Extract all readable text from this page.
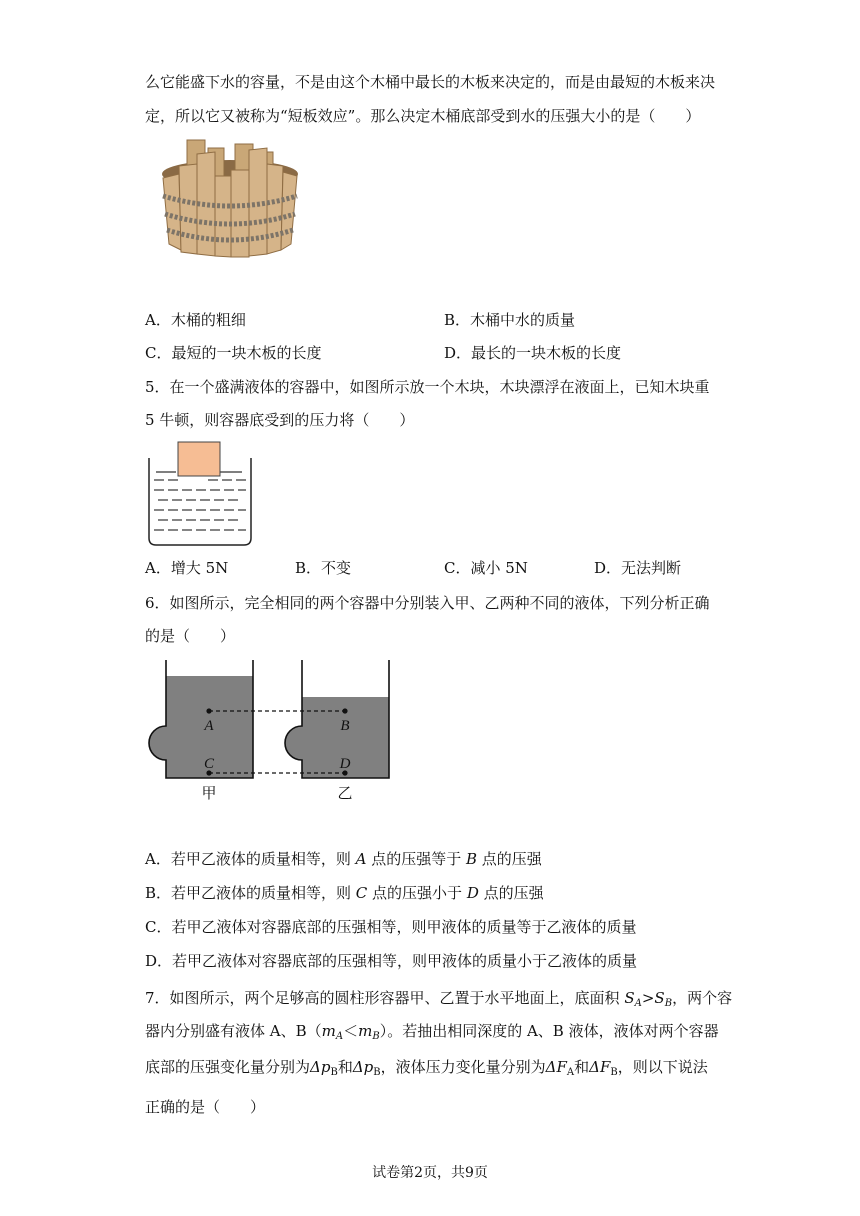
么它能盛下水的容量，不是由这个木桶中最长的木板来决定的，而是由最短的木板来决
定，所以它又被称为“短板效应”。那么决定木桶底部受到水的压强大小的是（　　）
A．木桶的粗细	B．木桶中水的质量
C．最短的一块木板的长度	D．最长的一块木板的长度
5．在一个盛满液体的容器中，如图所示放一个木块，木块漂浮在液面上，已知木块重
5 牛顿，则容器底受到的压力将（　　）
A．增大 5N	B．不变	C．减小 5N	D．无法判断
6．如图所示，完全相同的两个容器中分别装入甲、乙两种不同的液体，下列分析正确
的是（　　）
A	B
C	D
甲	乙
A．若甲乙液体的质量相等，则 A 点的压强等于 B 点的压强
B．若甲乙液体的质量相等，则 C 点的压强小于 D 点的压强
C．若甲乙液体对容器底部的压强相等，则甲液体的质量等于乙液体的质量
D．若甲乙液体对容器底部的压强相等，则甲液体的质量小于乙液体的质量
7．如图所示，两个足够高的圆柱形容器甲、乙置于水平地面上，底面积 $S_A>S_B$，两个容
器内分别盛有液体 A、$B(m_A<m_B)$。若抽出相同深度的 A、B 液体，液体对两个容器
底部的压强变化量分别为$\Delta p_B$和$\Delta p_B$，液体压力变化量分别为$\Delta F_A$和$\Delta F_B$，则以下说法
正确的是（　　）
试卷第2页，共9页
